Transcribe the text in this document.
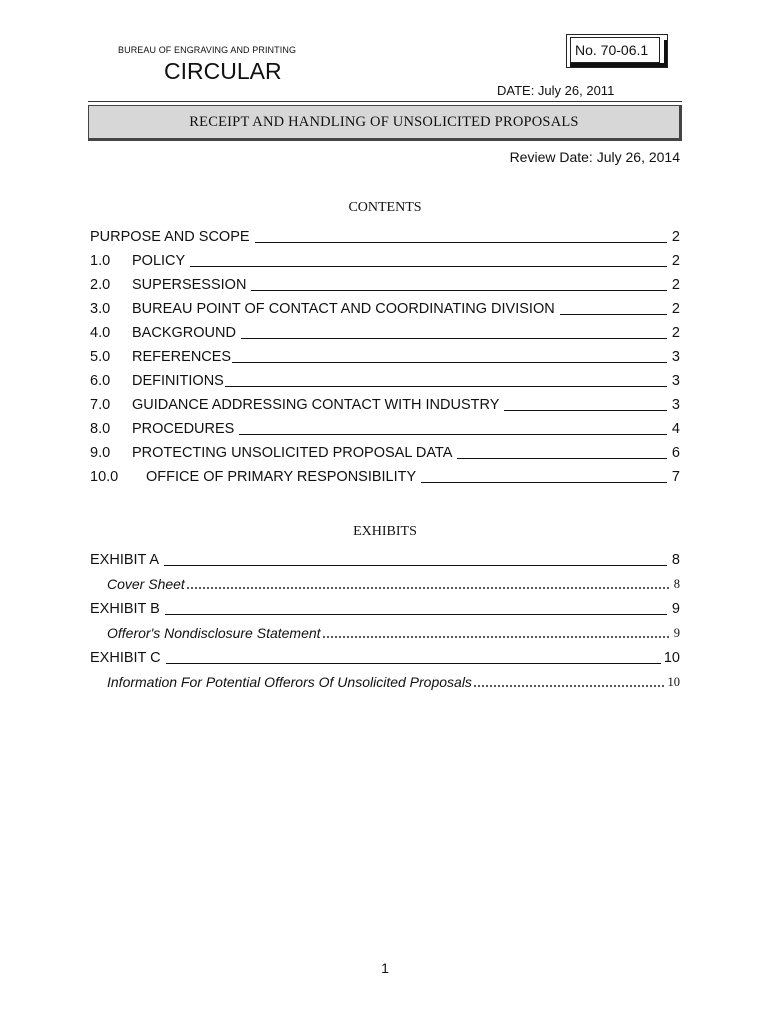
BUREAU OF ENGRAVING AND PRINTING
CIRCULAR
No. 70-06.1
DATE: July 26, 2011
RECEIPT AND HANDLING OF UNSOLICITED PROPOSALS
Review Date: July 26, 2014
CONTENTS
PURPOSE AND SCOPE	2
1.0	POLICY	2
2.0	SUPERSESSION	2
3.0	BUREAU POINT OF CONTACT AND COORDINATING DIVISION	2
4.0	BACKGROUND	2
5.0	REFERENCES	3
6.0	DEFINITIONS	3
7.0	GUIDANCE ADDRESSING CONTACT WITH INDUSTRY	3
8.0	PROCEDURES	4
9.0	PROTECTING UNSOLICITED PROPOSAL DATA	6
10.0	OFFICE OF PRIMARY RESPONSIBILITY	7
EXHIBITS
EXHIBIT A	8
Cover Sheet	8
EXHIBIT B	9
Offeror's Nondisclosure Statement	9
EXHIBIT C	10
Information For Potential Offerors Of Unsolicited Proposals	10
1
